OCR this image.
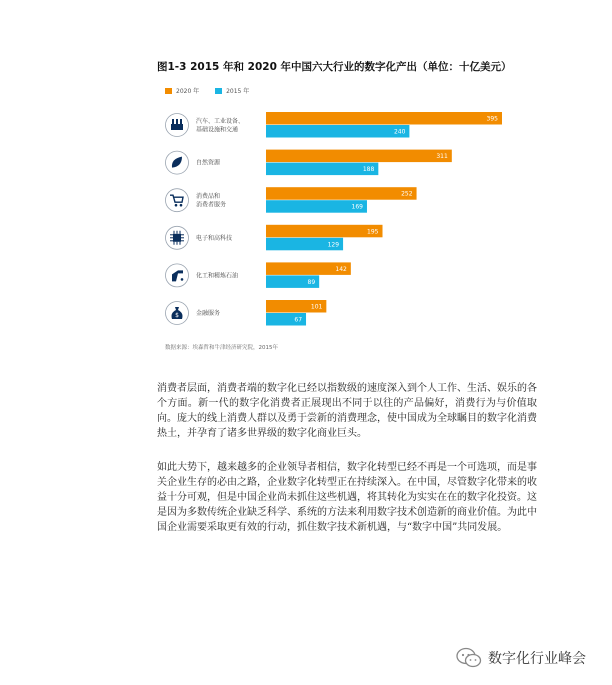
图1-3 2015 年和 2020 年中国六大行业的数字化产出（单位：十亿美元）
2020 年
	2015 年
汽车、工业设备、基础设施和交通
395
240
自然资源
311
188
消费品和消费者服务
252
169
电子和高科技
195
129
化工和精炼石油
142
89
$	金融服务
101
67
数据来源：埃森哲和牛津经济研究院，2015年

消费者层面，消费者端的数字化已经以指数级的速度深入到个人工作、生活、娱乐的各个方面。新一代的数字化消费者正展现出不同于以往的产品偏好，消费行为与价值取向。庞大的线上消费人群以及勇于尝新的消费理念，使中国成为全球瞩目的数字化消费热土，并孕育了诸多世界级的数字化商业巨头。

如此大势下，越来越多的企业领导者相信，数字化转型已经不再是一个可选项，而是事关企业生存的必由之路，企业数字化转型正在持续深入。在中国，尽管数字化带来的收益十分可观，但是中国企业尚未抓住这些机遇，将其转化为实实在在的数字化投资。这是因为多数传统企业缺乏科学、系统的方法来利用数字技术创造新的商业价值。为此中国企业需要采取更有效的行动，抓住数字技术新机遇，与“数字中国”共同发展。

数字化行业峰会
